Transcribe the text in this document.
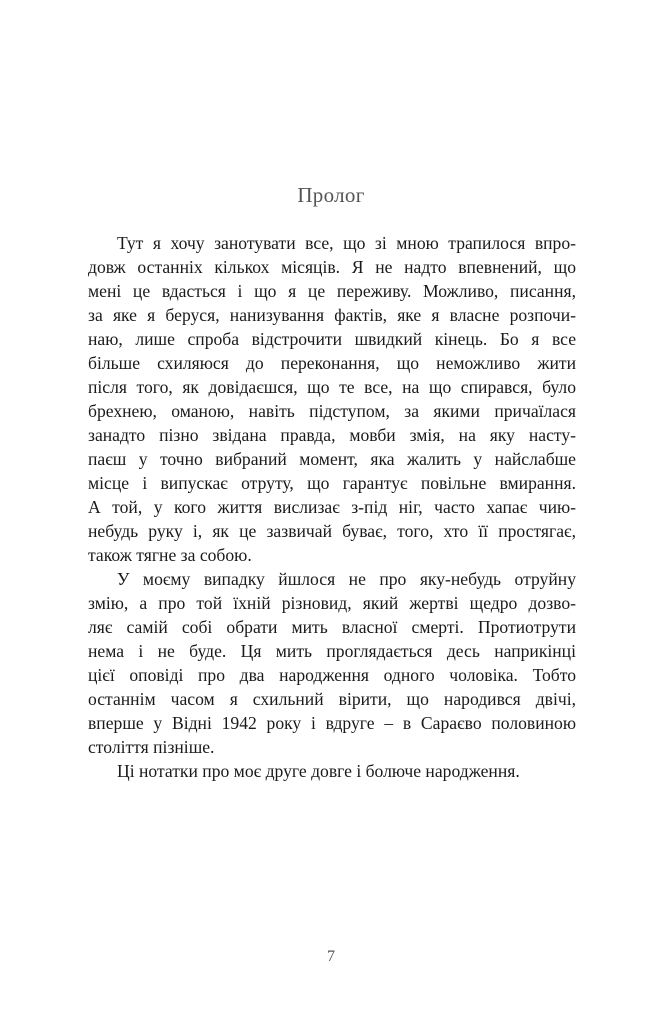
Пролог
Тут я хочу занотувати все, що зі мною трапилося впро-
довж останніх кількох місяців. Я не надто впевнений, що
мені це вдасться і що я це переживу. Можливо, писання,
за яке я беруся, нанизування фактів, яке я власне розпочи-
наю, лише спроба відстрочити швидкий кінець. Бо я все
більше схиляюся до переконання, що неможливо жити
після того, як довідаєшся, що те все, на що спирався, було
брехнею, оманою, навіть підступом, за якими причаїлася
занадто пізно звідана правда, мовби змія, на яку насту-
паєш у точно вибраний момент, яка жалить у найслабше
місце і випускає отруту, що гарантує повільне вмирання.
А той, у кого життя вислизає з-під ніг, часто хапає чию-
небудь руку і, як це зазвичай буває, того, хто її простягає,
також тягне за собою.
У моєму випадку йшлося не про яку-небудь отруйну
змію, а про той їхній різновид, який жертві щедро дозво-
ляє самій собі обрати мить власної смерті. Протиотрути
нема і не буде. Ця мить проглядається десь наприкінці
цієї оповіді про два народження одного чоловіка. Тобто
останнім часом я схильний вірити, що народився двічі,
вперше у Відні 1942 року і вдруге – в Сараєво половиною
століття пізніше.
Ці нотатки про моє друге довге і болюче народження.
7
